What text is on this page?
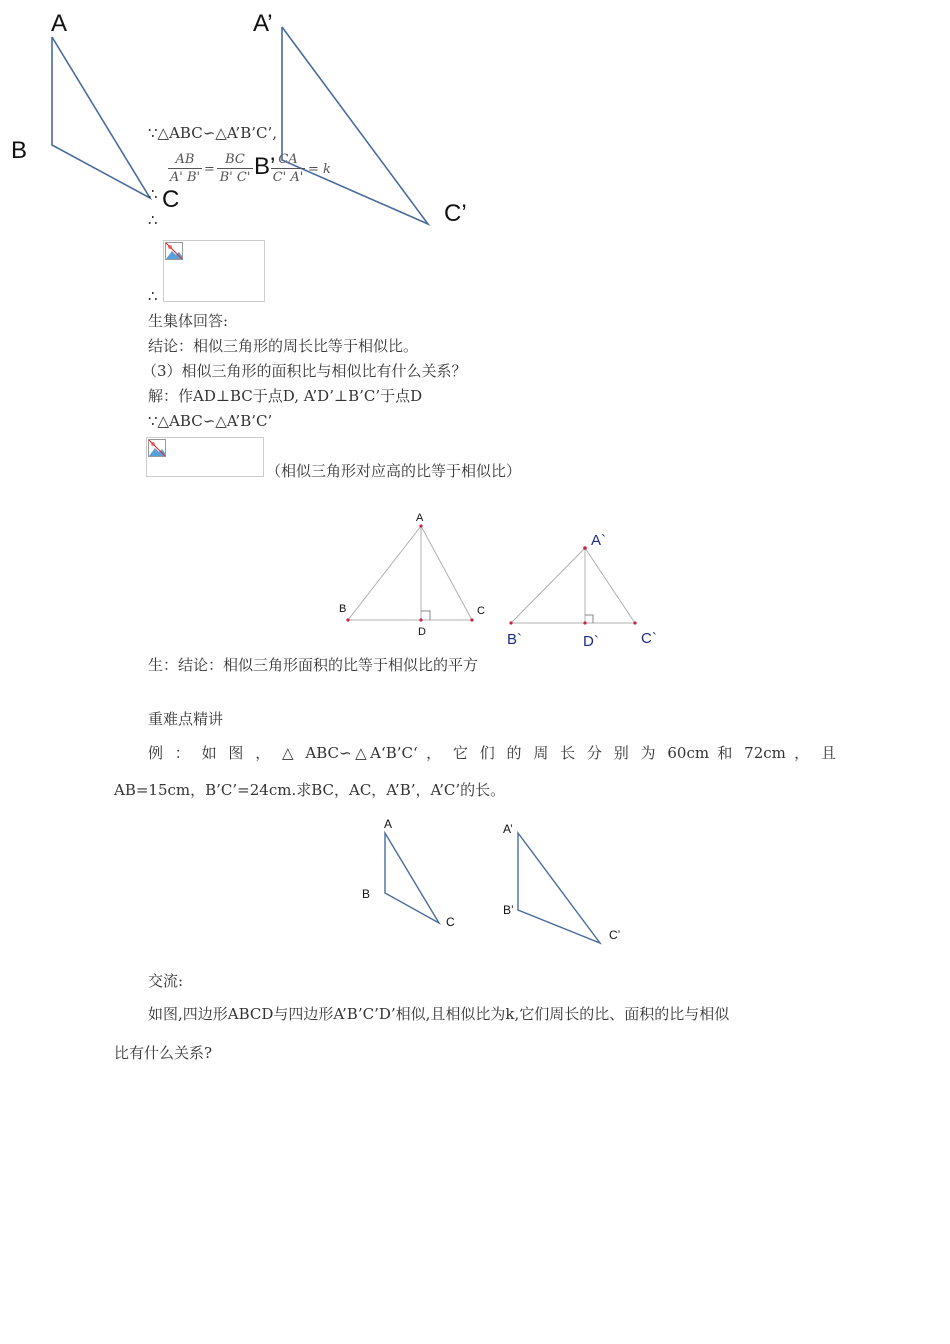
A
B
C
A’
B’
C’
∵△ABC∽△A’B’C’,
AB
A' B'
=
BC
B' C'
CA
C' A'
= k
∴
∴
∴
生集体回答:
结论：相似三角形的周长比等于相似比。
（3）相似三角形的面积比与相似比有什么关系？
解：作AD⊥BC于点D, A’D’⊥B’C’于点D
∵△ABC∽△A’B’C’
（相似三角形对应高的比等于相似比）
A
B	C
D
A`
B`	D`	C`
生：结论：相似三角形面积的比等于相似比的平方
重难点精讲
例 ： 如 图 ， △ ABC∽△A‘B’C‘ ， 它 们 的 周 长 分 别 为 60cm 和 72cm ， 且
AB=15cm，B’C’=24cm.求BC，AC，A’B’，A’C’的长。
A
B
C
A’
B’
C’
交流:
如图,四边形ABCD与四边形A’B’C’D’相似,且相似比为k,它们周长的比、面积的比与相似
比有什么关系?
